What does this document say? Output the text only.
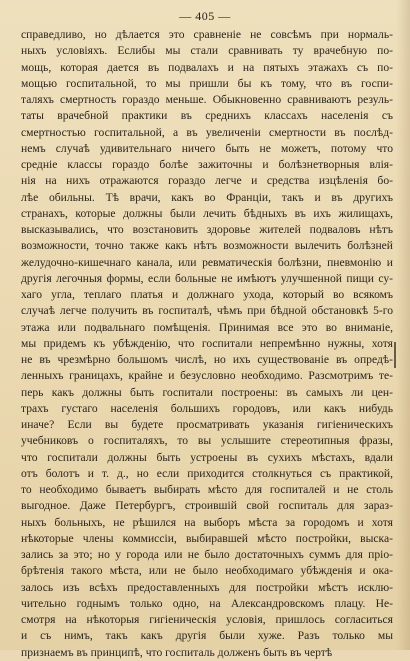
— 405 —
справедливо, но дѣлается это сравненіе не совсѣмъ при нормаль-
ныхъ условіяхъ. Еслибы мы стали сравнивать ту врачебную по-
мощь, которая дается въ подвалахъ и на пятыхъ этажахъ съ по-
мощью госпитальной, то мы пришли бы къ тому, что въ госпи-
таляхъ смертность гораздо меньше. Обыкновенно сравниваютъ резуль-
таты врачебной практики въ среднихъ классахъ населенія съ
смертностью госпитальной, а въ увеличеніи смертности въ послѣд-
немъ случаѣ удивительнаго ничего быть не можетъ, потому что
средніе классы гораздо болѣе зажиточны и болѣзнетворныя влія-
нія на нихъ отражаются гораздо легче и средства изцѣленія бо-
лѣе обильны. Тѣ врачи, какъ во Франціи, такъ и въ другихъ
странахъ, которые должны были лечить бѣдныхъ въ ихъ жилищахъ,
высказывались, что возстановить здоровье жителей подваловъ нѣтъ
возможности, точно также какъ нѣтъ возможности вылечить болѣзней
желудочно-кишечнаго канала, или ревматическія болѣзни, пневмонію и
другія легочныя формы, если больные не имѣютъ улучшенной пищи су-
хаго угла, теплаго платья и должнаго ухода, который во всякомъ
случаѣ легче получить въ госпиталѣ, чѣмъ при бѣдной обстановкѣ 5-го
этажа или подвальнаго помѣщенія. Принимая все это во вниманіе,
мы придемъ къ убѣжденію, что госпитали непремѣнно нужны, хотя
не въ чрезмѣрно большомъ числѣ, но ихъ существованіе въ опредѣ-
ленныхъ границахъ, крайне и безусловно необходимо. Разсмотримъ те-
перь какъ должны быть госпитали построены: въ самыхъ ли цен-
трахъ густаго населенія большихъ городовъ, или какъ нибудь
иначе? Если вы будете просматривать указанія гигіеническихъ
учебниковъ о госпиталяхъ, то вы услышите стереотипныя фразы,
что госпитали должны быть устроены въ сухихъ мѣстахъ, вдали
отъ болотъ и т. д., но если приходится столкнуться съ практикой,
то необходимо бываетъ выбирать мѣсто для госпиталей и не столь
выгодное. Даже Петербургъ, строившій свой госпиталь для зараз-
ныхъ больныхъ, не рѣшился на выборъ мѣста за городомъ и хотя
нѣкоторые члены коммиссіи, выбиравшей мѣсто постройки, выска-
зались за это; но у города или не было достаточныхъ суммъ для пріо-
брѣтенія такого мѣста, или не было необходимаго убѣжденія и ока-
залось изъ всѣхъ предоставленныхъ для постройки мѣстъ исклю-
чительно годнымъ только одно, на Александровскомъ плацу. Не-
смотря на нѣкоторыя гигіеническія условія, пришлось согласиться
и съ нимъ, такъ какъ другія были хуже. Разъ только мы
признаемъ въ принципѣ, что госпиталь долженъ быть въ чертѣ
